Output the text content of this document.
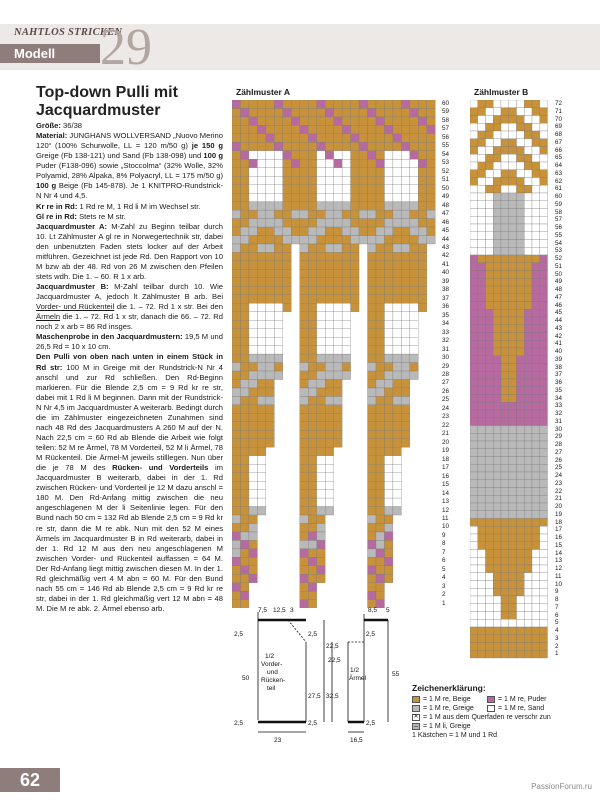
NAHTLOS STRICKEN
Modell 29
Top-down Pulli mit Jacquardmuster

Größe: 36/38

Material: JUNGHANS WOLLVERSAND „Nuovo Merino 120“ (100% Schurwolle, LL = 120 m/50 g) je 150 g Greige (Fb 138-121) und Sand (Fb 138-098) und 100 g Puder (F138-096) sowie „Stoccolma“ (32% Wolle, 32% Polyamid, 28% Alpaka, 8% Polyacryl, LL = 175 m/50 g) 100 g Beige (Fb 145-878). Je 1 KNITPRO-Rundstrick-N Nr 4 und 4,5.

Kr re in Rd: 1 Rd re M, 1 Rd li M im Wechsel str.

Gl re in Rd: Stets re M str.

Jacquardmuster A: M-Zahl zu Beginn teilbar durch 10. Lt Zählmuster A gl re in Norwegertechnik str, dabei den unbenutzten Faden stets locker auf der Arbeit mitführen. Gezeichnet ist jede Rd. Den Rapport von 10 M bzw ab der 48. Rd von 26 M zwischen den Pfeilen stets wdh. Die 1. – 60. R 1 x arb.

Jacquardmuster B: M-Zahl teilbar durch 10. Wie Jacquardmuster A, jedoch lt Zählmuster B arb. Bei Vorder- und Rückenteil die 1. – 72. Rd 1 x str. Bei den Ärmeln die 1. – 72. Rd 1 x str, danach die 66. – 72. Rd noch 2 x arb = 86 Rd insges.

Maschenprobe in den Jacquardmustern: 19,5 M und 26,5 Rd = 10 x 10 cm.

Den Pulli von oben nach unten in einem Stück in Rd str: 100 M in Greige mit der Rundstrick-N Nr 4 anschl und zur Rd schließen. Den Rd-Beginn markieren. Für die Blende 2,5 cm = 9 Rd kr re str, dabei mit 1 Rd li M beginnen. Dann mit der Rundstrick-N Nr 4,5 im Jacquardmuster A weiterarb. Bedingt durch die im Zählmuster eingezeichneten Zunahmen sind nach 48 Rd des Jacquardmusters A 260 M auf der N. Nach 22,5 cm = 60 Rd ab Blende die Arbeit wie folgt teilen: 52 M re Ärmel, 78 M Vorderteil, 52 M li Ärmel, 78 M Rückenteil. Die Ärmel-M jeweils stilllegen. Nun über die je 78 M des Rücken- und Vorderteils im Jacquardmuster B weiterarb, dabei in der 1. Rd zwischen Rücken- und Vorderteil je 12 M dazu anschl = 180 M. Den Rd-Anfang mittig zwischen die neu angeschlagenen M der li Seitenlinie legen. Für den Bund nach 50 cm = 132 Rd ab Blende 2,5 cm = 9 Rd kr re str, dann die M re abk. Nun mit den 52 M eines Ärmels im Jacquardmuster B in Rd weiterarb, dabei in der 1. Rd 12 M aus den neu angeschlagenen M zwischen Vorder- und Rückenteil auffassen = 64 M. Der Rd-Anfang liegt mittig zwischen diesen M. In der 1. Rd gleichmäßig vert 4 M abn = 60 M. Für den Bund nach 55 cm = 146 Rd ab Blende 2,5 cm = 9 Rd kr re str, dabei in der 1. Rd gleichmäßig vert 12 M abn = 48 M. Die M re abk. 2. Ärmel ebenso arb.

Zählmuster A	Zählmuster B
60
59
58
57
56
55
54
53
52
51
50
49
48
47
46
45
44
43
42
41
40
39
38
37
36
35
34
33
32
31
30
29
28
27
26
25
24
23
22
21
20
19
18
17
16
15
14
13
12
11
10
9
8
7
6
5
4
3
2
1
72
71
70
69
68
67
66
65
64
63
62
61
60
59
58
57
56
55
54
53
52
51
50
49
48
47
46
45
44
43
42
41
40
39
38
37
36
35
34
33
32
31
30
29
28
27
26
25
24
23
22
21
20
19
18
17
16
15
14
13
12
11
10
9
8
7
6
5
4
3
2
1
7,5 12,5 3	8,5 5
2,5
50
2,5
2,5
22,5
27,5
2,5
2,5
22,5
32,5
2,5
55
23	16,5
1/2
Vorder-
und
Rücken-
teil
1/2
Ärmel
Zeichenerklärung:
= 1 M re, Beige	= 1 M re, Puder
= 1 M re, Greige	= 1 M re, Sand
✕ = 1 M aus dem Querfaden re verschr zun
– = 1 M li, Greige
1 Kästchen = 1 M und 1 Rd
62	PassionForum.ru
